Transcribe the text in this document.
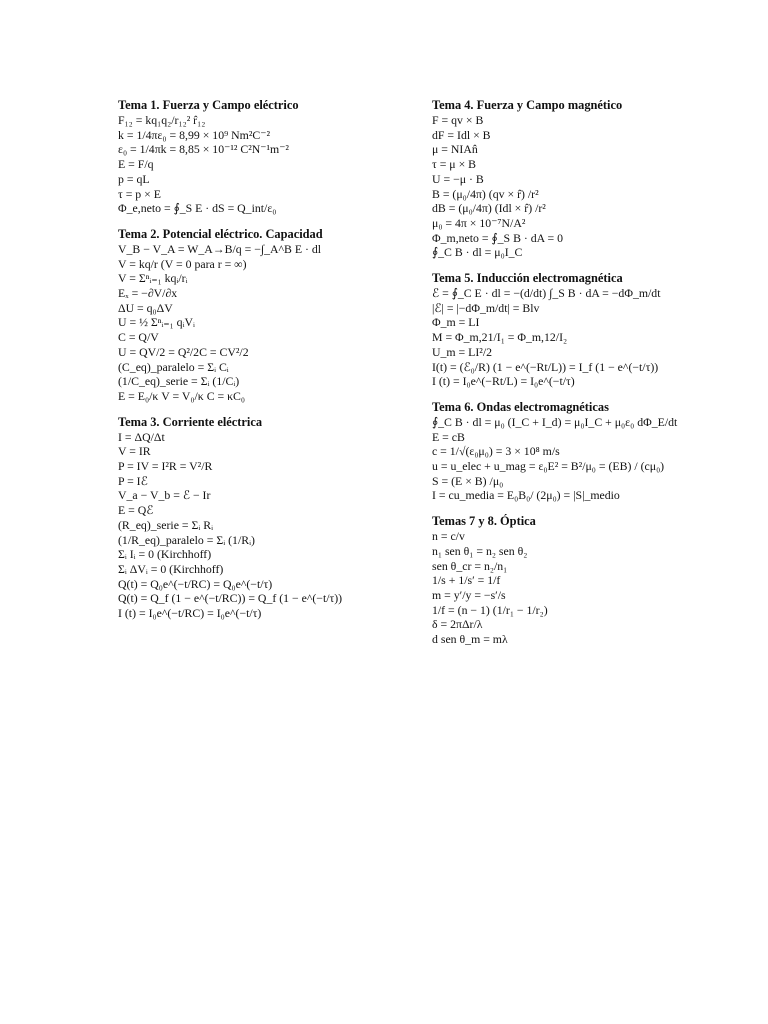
Tema 1. Fuerza y Campo eléctrico
F₁₂ = kq₁q₂/r₁₂² r̂₁₂
k = 1/4πε₀ = 8,99 × 10⁹ Nm²C⁻²
ε₀ = 1/4πk = 8,85 × 10⁻¹² C²N⁻¹m⁻²
E = F/q
p = qL
τ = p × E
Φ_e,neto = ∮_S E · dS = Q_int/ε₀
Tema 2. Potencial eléctrico. Capacidad
V_B − V_A = W_A→B/q = −∫_A^B E · dl
V = kq/r (V = 0 para r = ∞)
V = Σⁿᵢ₌₁ kqᵢ/rᵢ
Eₓ = −∂V/∂x
ΔU = q₀ΔV
U = ½ Σⁿᵢ₌₁ qᵢVᵢ
C = Q/V
U = QV/2 = Q²/2C = CV²/2
(C_eq)_paralelo = Σᵢ Cᵢ
(1/C_eq)_serie = Σᵢ (1/Cᵢ)
E = E₀/κ V = V₀/κ C = κC₀
Tema 3. Corriente eléctrica
I = ΔQ/Δt
V = IR
P = IV = I²R = V²/R
P = Iℰ
V_a − V_b = ℰ − Ir
E = Qℰ
(R_eq)_serie = Σᵢ Rᵢ
(1/R_eq)_paralelo = Σᵢ (1/Rᵢ)
Σᵢ Iᵢ = 0 (Kirchhoff)
Σᵢ ΔVᵢ = 0 (Kirchhoff)
Q(t) = Q₀e^(−t/RC) = Q₀e^(−t/τ)
Q(t) = Q_f (1 − e^(−t/RC)) = Q_f (1 − e^(−t/τ))
I (t) = I₀e^(−t/RC) = I₀e^(−t/τ)
Tema 4. Fuerza y Campo magnético
F = qv × B
dF = Idl × B
μ = NIAn̂
τ = μ × B
U = −μ · B
B = (μ₀/4π) (qv × r̂) /r²
dB = (μ₀/4π) (Idl × r̂) /r²
μ₀ = 4π × 10⁻⁷N/A²
Φ_m,neto = ∮_S B · dA = 0
∮_C B · dl = μ₀I_C
Tema 5. Inducción electromagnética
ℰ = ∮_C E · dl = −(d/dt) ∫_S B · dA = −dΦ_m/dt
|ℰ| = |−dΦ_m/dt| = Blv
Φ_m = LI
M = Φ_m,21/I₁ = Φ_m,12/I₂
U_m = LI²/2
I(t) = (ℰ₀/R) (1 − e^(−Rt/L)) = I_f (1 − e^(−t/τ))
I (t) = I₀e^(−Rt/L) = I₀e^(−t/τ)
Tema 6. Ondas electromagnéticas
∮_C B · dl = μ₀ (I_C + I_d) = μ₀I_C + μ₀ε₀ dΦ_E/dt
E = cB
c = 1/√(ε₀μ₀) = 3 × 10⁸ m/s
u = u_elec + u_mag = ε₀E² = B²/μ₀ = (EB) / (cμ₀)
S = (E × B) /μ₀
I = cu_media = E₀B₀/ (2μ₀) = |S|_medio
Temas 7 y 8. Óptica
n = c/v
n₁ sen θ₁ = n₂ sen θ₂
sen θ_cr = n₂/n₁
1/s + 1/s′ = 1/f
m = y′/y = −s′/s
1/f = (n − 1) (1/r₁ − 1/r₂)
δ = 2πΔr/λ
d sen θ_m = mλ
